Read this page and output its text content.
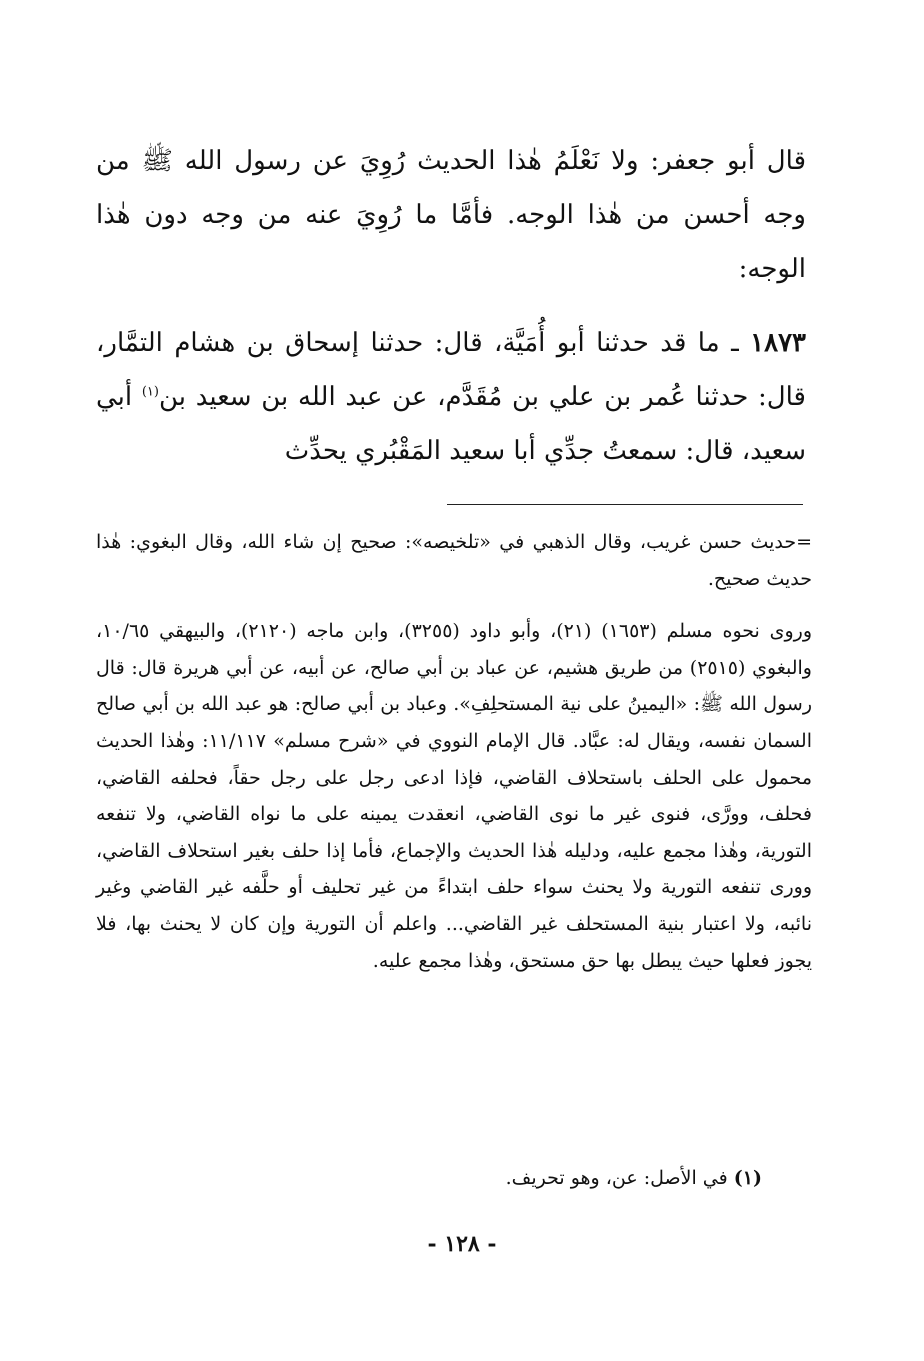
قال أبو جعفر: ولا نَعْلَمُ هٰذا الحديث رُوِيَ عن رسول الله ﷺ من وجه أحسن من هٰذا الوجه. فأمَّا ما رُوِيَ عنه من وجه دون هٰذا الوجه:

١٨٧٣ ـ ما قد حدثنا أبو أُمَيَّة، قال: حدثنا إسحاق بن هشام التمَّار، قال: حدثنا عُمر بن علي بن مُقَدَّم، عن عبد الله بن سعيد بن$^{(١)}$ أبي سعيد، قال: سمعتُ جدِّي أبا سعيد المَقْبُري يحدِّث

=حديث حسن غريب، وقال الذهبي في «تلخيصه»: صحيح إن شاء الله، وقال البغوي: هٰذا حديث صحيح.

وروى نحوه مسلم (١٦٥٣) (٢١)، وأبو داود (٣٢٥٥)، وابن ماجه (٢١٢٠)، والبيهقي ١٠/٦٥، والبغوي (٢٥١٥) من طريق هشيم، عن عباد بن أبي صالح، عن أبيه، عن أبي هريرة قال: قال رسول الله ﷺ: «اليمينُ على نية المستحلِفِ». وعباد بن أبي صالح: هو عبد الله بن أبي صالح السمان نفسه، ويقال له: عبَّاد. قال الإمام النووي في «شرح مسلم» ١١/١١٧: وهٰذا الحديث محمول على الحلف باستحلاف القاضي، فإذا ادعى رجل على رجل حقاً، فحلفه القاضي، فحلف، وورَّى، فنوى غير ما نوى القاضي، انعقدت يمينه على ما نواه القاضي، ولا تنفعه التورية، وهٰذا مجمع عليه، ودليله هٰذا الحديث والإجماع، فأما إذا حلف بغير استحلاف القاضي، وورى تنفعه التورية ولا يحنث سواء حلف ابتداءً من غير تحليف أو حلَّفه غير القاضي وغير نائبه، ولا اعتبار بنية المستحلف غير القاضي... واعلم أن التورية وإن كان لا يحنث بها، فلا يجوز فعلها حيث يبطل بها حق مستحق، وهٰذا مجمع عليه.

(١) في الأصل: عن، وهو تحريف.
- ١٢٨ -
